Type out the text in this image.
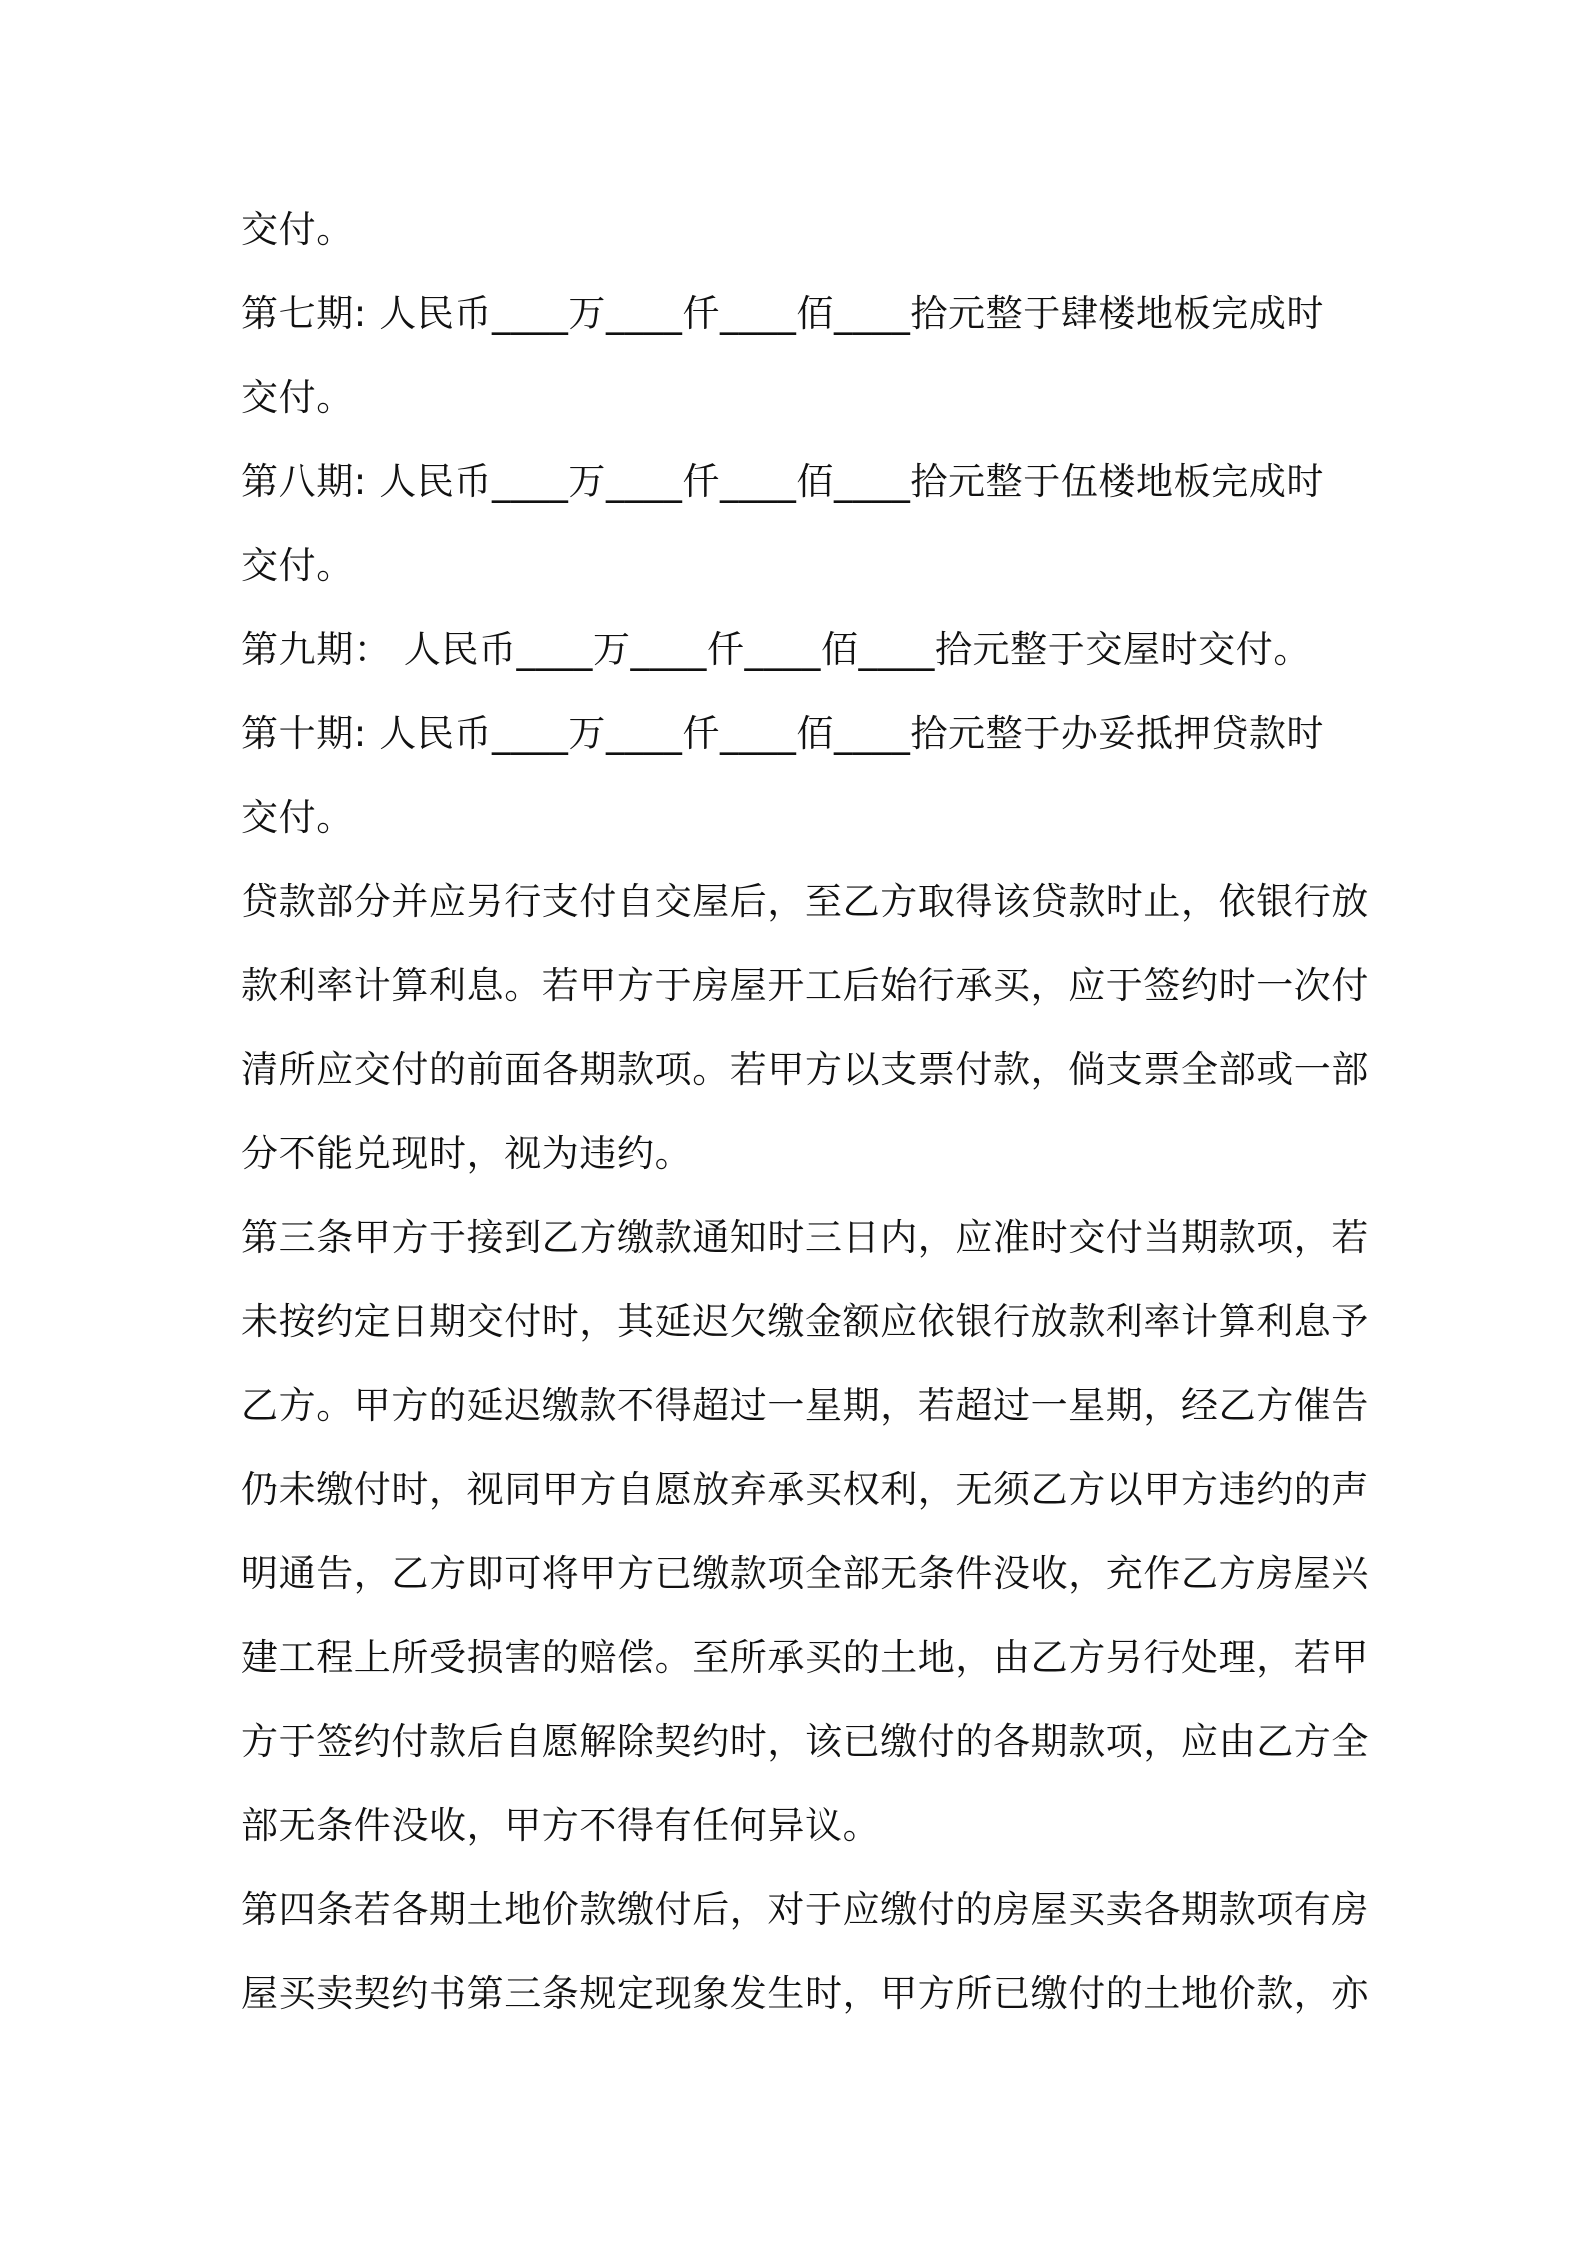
交付。
第七期: 人民币____万____仟____佰____拾元整于肆楼地板完成时
交付。
第八期: 人民币____万____仟____佰____拾元整于伍楼地板完成时
交付。
第九期： 人民币____万____仟____佰____拾元整于交屋时交付。
第十期: 人民币____万____仟____佰____拾元整于办妥抵押贷款时
交付。
贷款部分并应另行支付自交屋后，至乙方取得该贷款时止，依银行放
款利率计算利息。若甲方于房屋开工后始行承买，应于签约时一次付
清所应交付的前面各期款项。若甲方以支票付款，倘支票全部或一部
分不能兑现时，视为违约。
第三条甲方于接到乙方缴款通知时三日内，应准时交付当期款项，若
未按约定日期交付时，其延迟欠缴金额应依银行放款利率计算利息予
乙方。甲方的延迟缴款不得超过一星期，若超过一星期，经乙方催告
仍未缴付时，视同甲方自愿放弃承买权利，无须乙方以甲方违约的声
明通告，乙方即可将甲方已缴款项全部无条件没收，充作乙方房屋兴
建工程上所受损害的赔偿。至所承买的土地，由乙方另行处理，若甲
方于签约付款后自愿解除契约时，该已缴付的各期款项，应由乙方全
部无条件没收，甲方不得有任何异议。
第四条若各期土地价款缴付后，对于应缴付的房屋买卖各期款项有房
屋买卖契约书第三条规定现象发生时，甲方所已缴付的土地价款，亦
